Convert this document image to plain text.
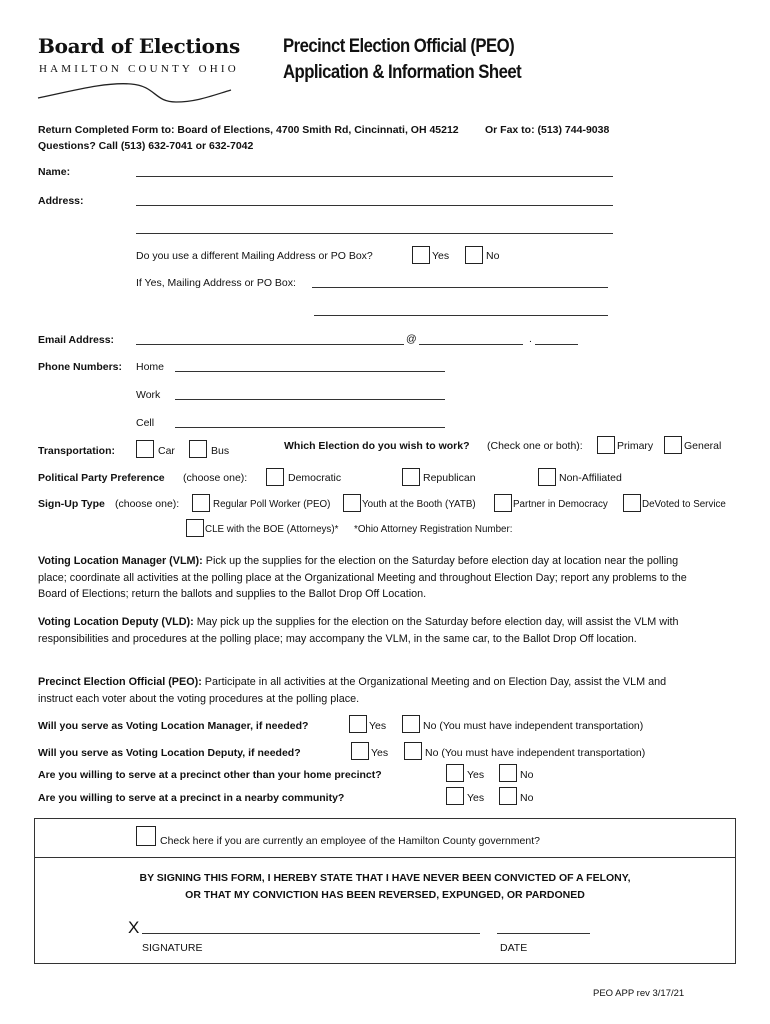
Board of Elections
HAMILTON COUNTY OHIO
Precinct Election Official (PEO)
Application & Information Sheet
Return Completed Form to: Board of Elections, 4700 Smith Rd, Cincinnati, OH 45212	Or Fax to: (513) 744-9038
Questions? Call (513) 632-7041 or 632-7042
Name:
Address:
Do you use a different Mailing Address or PO Box?	Yes	No
If Yes, Mailing Address or PO Box:
Email Address:	@	.
Phone Numbers: Home
Work
Cell
Transportation:	Car	Bus	Which Election do you wish to work? (Check one or both):	Primary	General
Political Party Preference (choose one):	Democratic	Republican	Non-Affiliated
Sign-Up Type (choose one):	Regular Poll Worker (PEO)	Youth at the Booth (YATB)	Partner in Democracy	DeVoted to Service
CLE with the BOE (Attorneys)* *Ohio Attorney Registration Number:
Voting Location Manager (VLM): Pick up the supplies for the election on the Saturday before election day at location near the polling place; coordinate all activities at the polling place at the Organizational Meeting and throughout Election Day; report any problems to the Board of Elections; return the ballots and supplies to the Ballot Drop Off Location.
Voting Location Deputy (VLD): May pick up the supplies for the election on the Saturday before election day, will assist the VLM with responsibilities and procedures at the polling place; may accompany the VLM, in the same car, to the Ballot Drop Off location.
Precinct Election Official (PEO): Participate in all activities at the Organizational Meeting and on Election Day, assist the VLM and instruct each voter about the voting procedures at the polling place.
Will you serve as Voting Location Manager, if needed?	Yes	No (You must have independent transportation)
Will you serve as Voting Location Deputy, if needed?	Yes	No (You must have independent transportation)
Are you willing to serve at a precinct other than your home precinct?	Yes	No
Are you willing to serve at a precinct in a nearby community?	Yes	No
Check here if you are currently an employee of the Hamilton County government?
BY SIGNING THIS FORM, I HEREBY STATE THAT I HAVE NEVER BEEN CONVICTED OF A FELONY,
OR THAT MY CONVICTION HAS BEEN REVERSED, EXPUNGED, OR PARDONED
X
SIGNATURE	DATE
PEO APP rev 3/17/21
